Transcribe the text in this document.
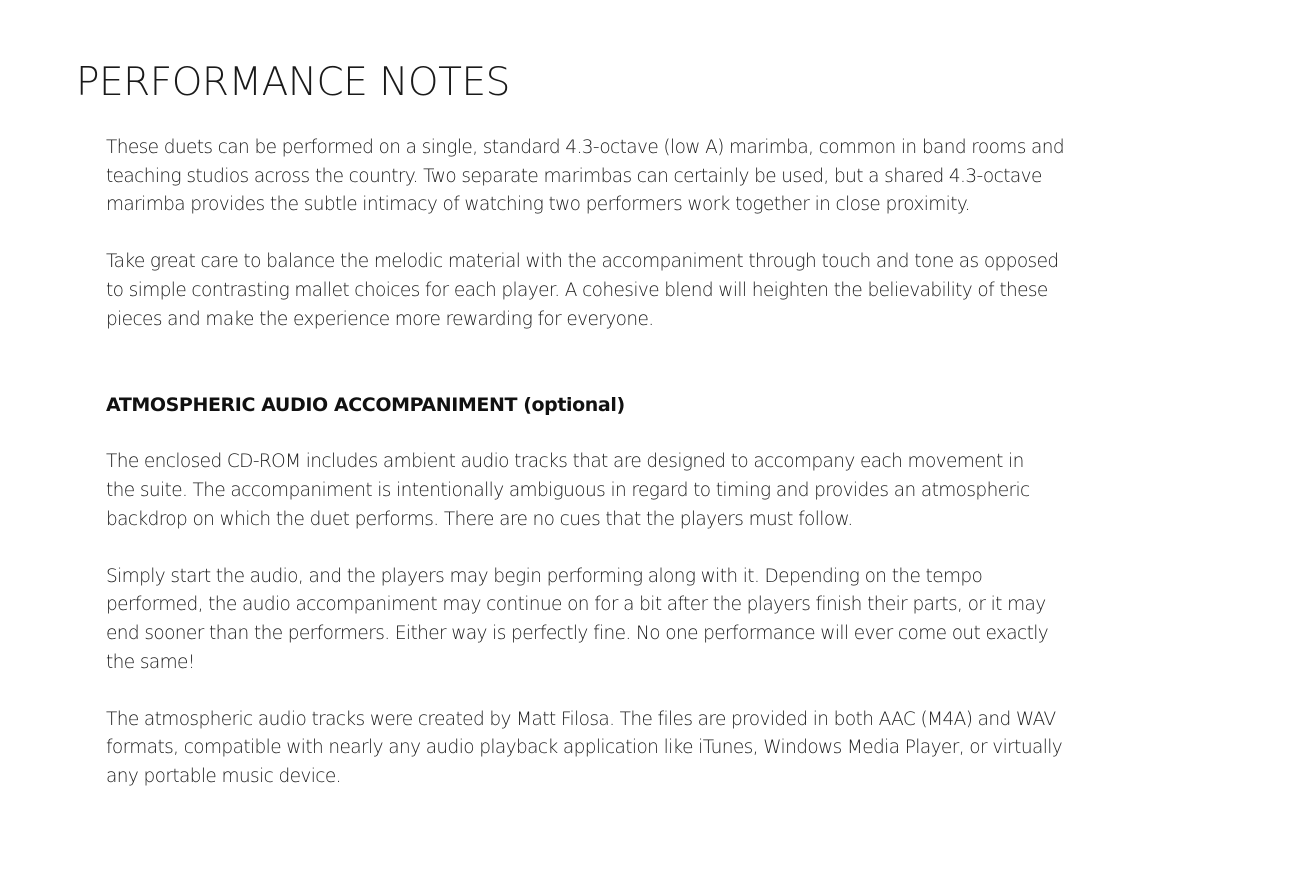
PERFORMANCE NOTES

These duets can be performed on a single, standard 4.3-octave (low A) marimba, common in band rooms and
teaching studios across the country. Two separate marimbas can certainly be used, but a shared 4.3-octave
marimba provides the subtle intimacy of watching two performers work together in close proximity.

Take great care to balance the melodic material with the accompaniment through touch and tone as opposed
to simple contrasting mallet choices for each player. A cohesive blend will heighten the believability of these
pieces and make the experience more rewarding for everyone.

ATMOSPHERIC AUDIO ACCOMPANIMENT (optional)

The enclosed CD-ROM includes ambient audio tracks that are designed to accompany each movement in
the suite. The accompaniment is intentionally ambiguous in regard to timing and provides an atmospheric
backdrop on which the duet performs. There are no cues that the players must follow.

Simply start the audio, and the players may begin performing along with it. Depending on the tempo
performed, the audio accompaniment may continue on for a bit after the players finish their parts, or it may
end sooner than the performers. Either way is perfectly fine. No one performance will ever come out exactly
the same!

The atmospheric audio tracks were created by Matt Filosa. The files are provided in both AAC (M4A) and WAV
formats, compatible with nearly any audio playback application like iTunes, Windows Media Player, or virtually
any portable music device.
